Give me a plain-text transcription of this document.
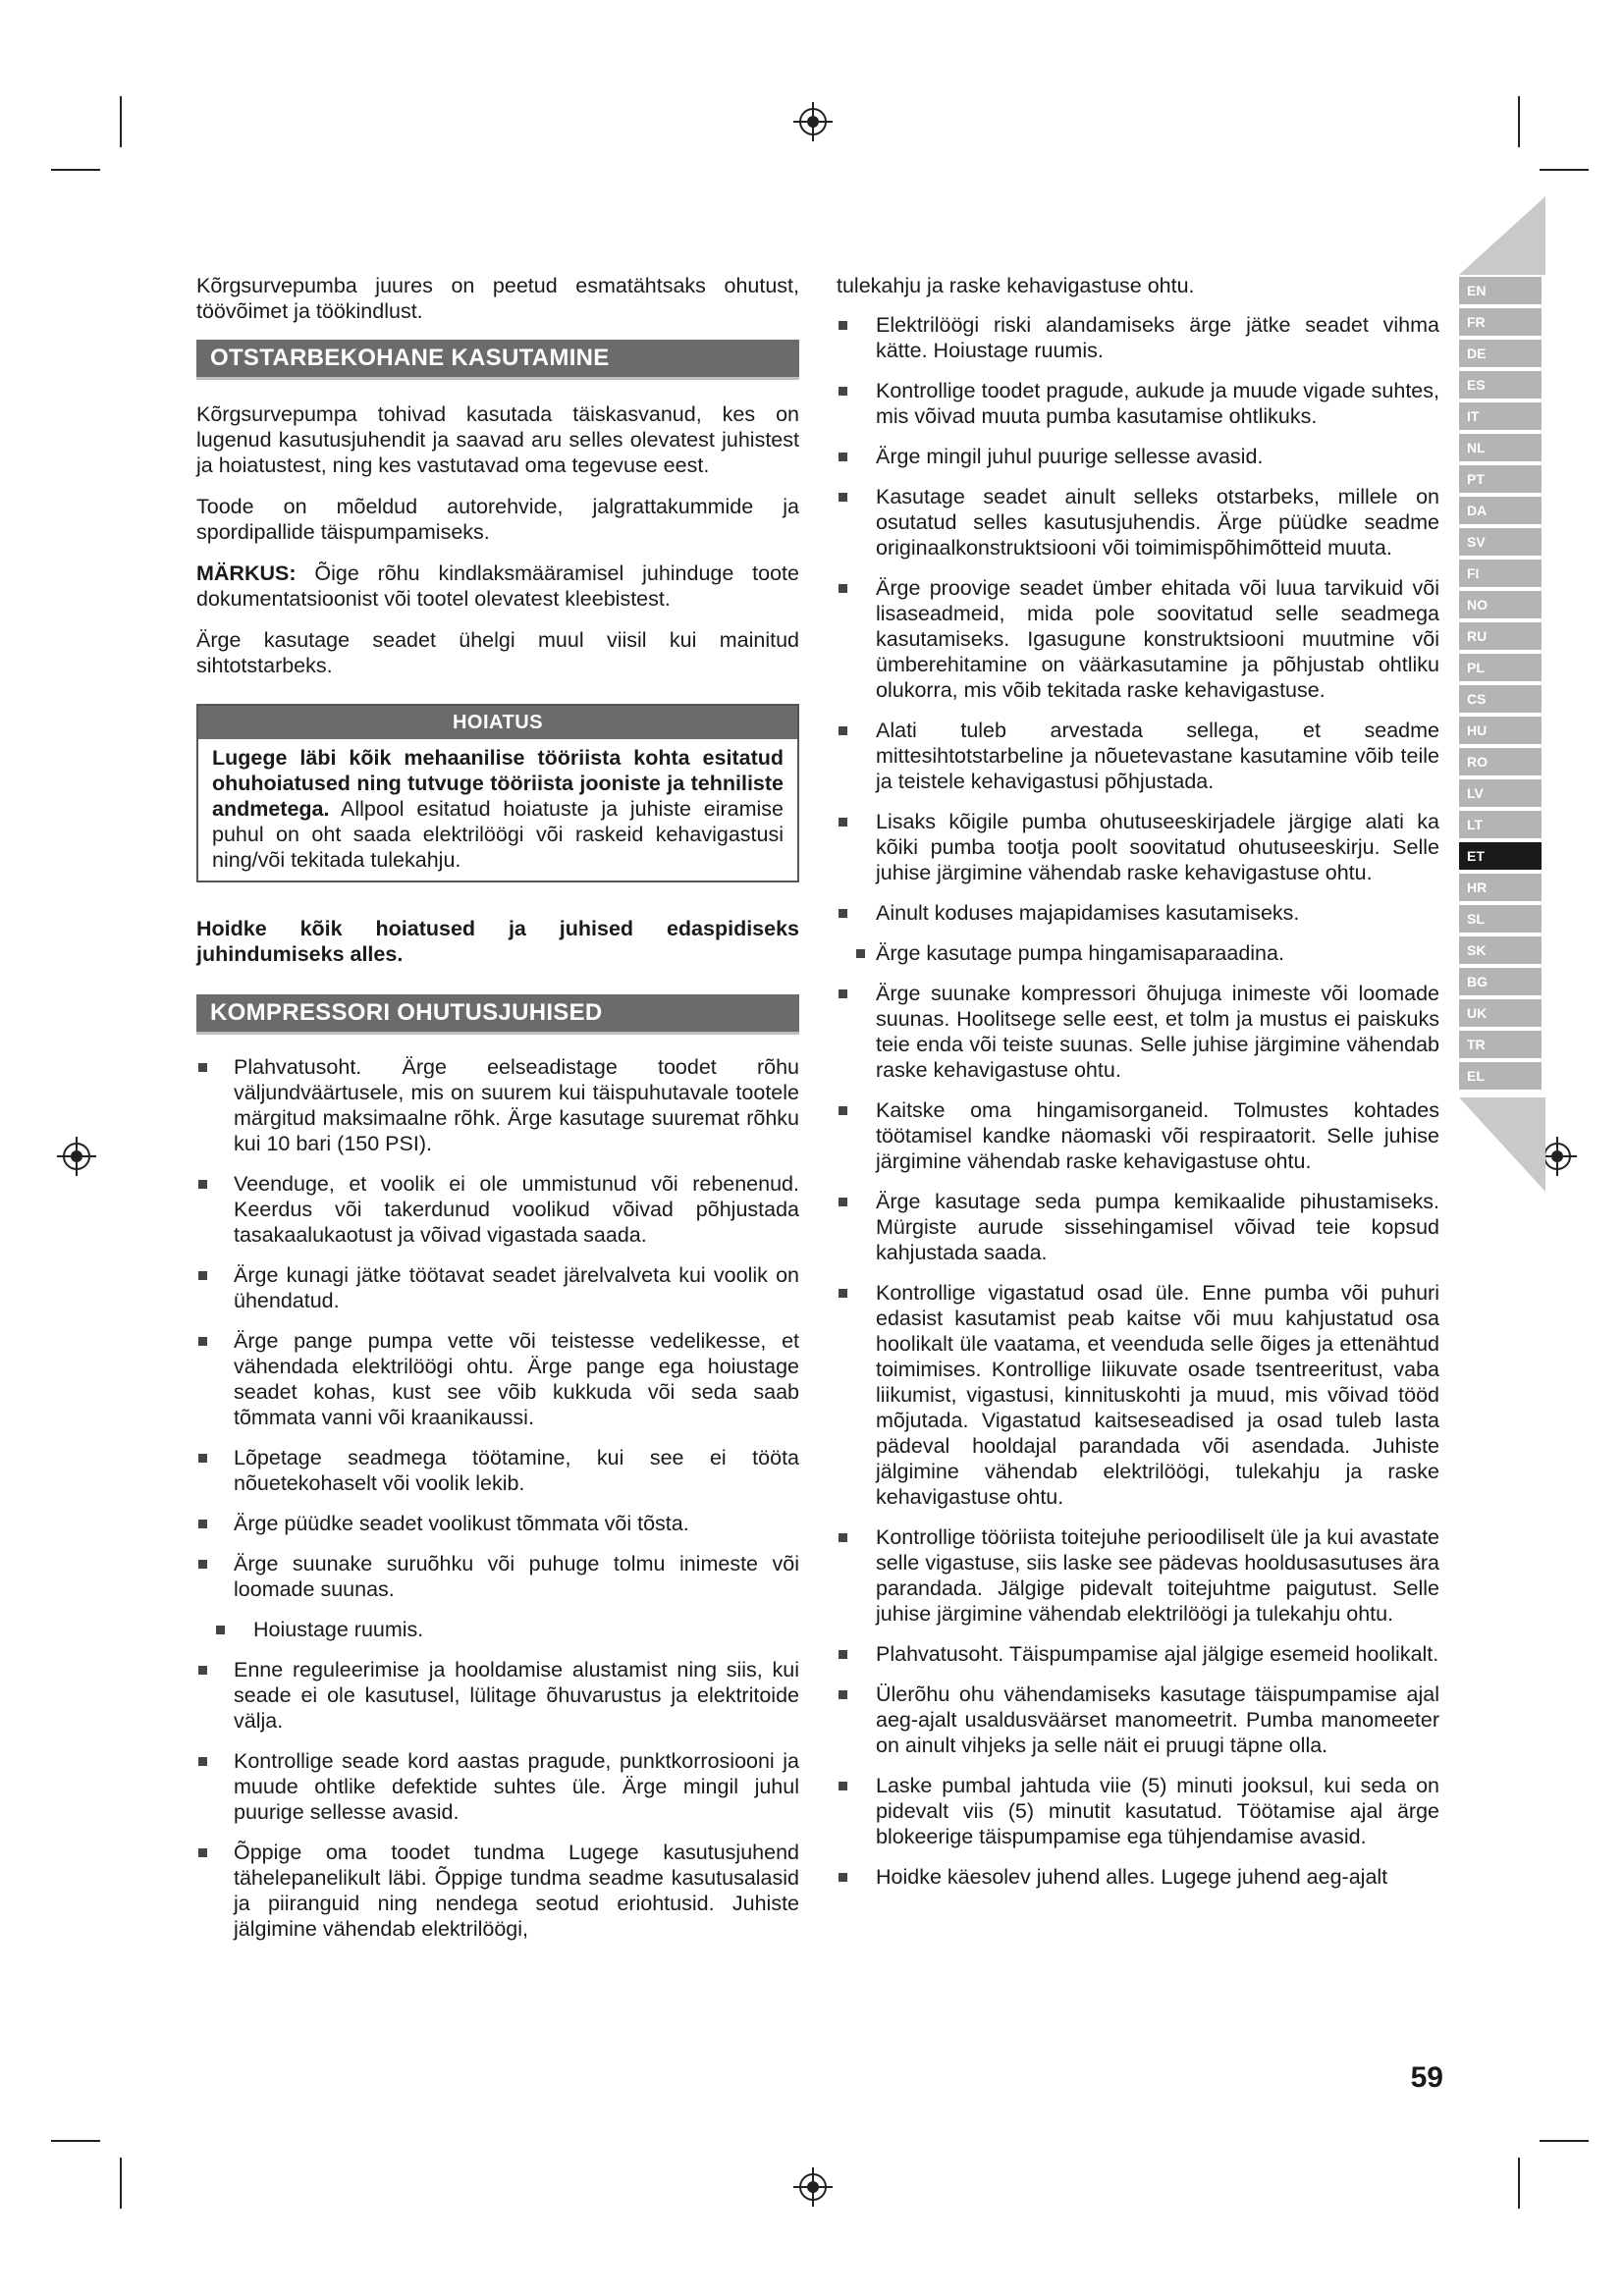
Kõrgsurvepumba juures on peetud esmatähtsaks ohutust, töövõimet ja töökindlust.

OTSTARBEKOHANE KASUTAMINE

Kõrgsurvepumpa tohivad kasutada täiskasvanud, kes on lugenud kasutusjuhendit ja saavad aru selles olevatest juhistest ja hoiatustest, ning kes vastutavad oma tegevuse eest.

Toode on mõeldud autorehvide, jalgrattakummide ja spordipallide täispumpamiseks.

MÄRKUS: Õige rõhu kindlaksmääramisel juhinduge toote dokumentatsioonist või tootel olevatest kleebistest.

Ärge kasutage seadet ühelgi muul viisil kui mainitud sihtotstarbeks.

HOIATUS
Lugege läbi kõik mehaanilise tööriista kohta esitatud ohuhoiatused ning tutvuge tööriista jooniste ja tehniliste andmetega. Allpool esitatud hoiatuste ja juhiste eiramise puhul on oht saada elektrilöögi või raskeid kehavigastusi ning/või tekitada tulekahju.

Hoidke kõik hoiatused ja juhised edaspidiseks juhindumiseks alles.

KOMPRESSORI OHUTUSJUHISED
Plahvatusoht. Ärge eelseadistage toodet rõhu väljundväärtusele, mis on suurem kui täispuhutavale tootele märgitud maksimaalne rõhk. Ärge kasutage suuremat rõhku kui 10 bari (150 PSI).
Veenduge, et voolik ei ole ummistunud või rebenenud. Keerdus või takerdunud voolikud võivad põhjustada tasakaalukaotust ja võivad vigastada saada.
Ärge kunagi jätke töötavat seadet järelvalveta kui voolik on ühendatud.
Ärge pange pumpa vette või teistesse vedelikesse, et vähendada elektrilöögi ohtu. Ärge pange ega hoiustage seadet kohas, kust see võib kukkuda või seda saab tõmmata vanni või kraanikaussi.
Lõpetage seadmega töötamine, kui see ei tööta nõuetekohaselt või voolik lekib.
Ärge püüdke seadet voolikust tõmmata või tõsta.
Ärge suunake suruõhku või puhuge tolmu inimeste või loomade suunas.
Hoiustage ruumis.
Enne reguleerimise ja hooldamise alustamist ning siis, kui seade ei ole kasutusel, lülitage õhuvarustus ja elektritoide välja.
Kontrollige seade kord aastas pragude, punktkorrosiooni ja muude ohtlike defektide suhtes üle. Ärge mingil juhul puurige sellesse avasid.
Õppige oma toodet tundma Lugege kasutusjuhend tähelepanelikult läbi. Õppige tundma seadme kasutusalasid ja piiranguid ning nendega seotud eriohtusid. Juhiste jälgimine vähendab elektrilöögi,

tulekahju ja raske kehavigastuse ohtu.

Elektrilöögi riski alandamiseks ärge jätke seadet vihma kätte. Hoiustage ruumis.
Kontrollige toodet pragude, aukude ja muude vigade suhtes, mis võivad muuta pumba kasutamise ohtlikuks.
Ärge mingil juhul puurige sellesse avasid.
Kasutage seadet ainult selleks otstarbeks, millele on osutatud selles kasutusjuhendis. Ärge püüdke seadme originaalkonstruktsiooni või toimimispõhimõtteid muuta.
Ärge proovige seadet ümber ehitada või luua tarvikuid või lisaseadmeid, mida pole soovitatud selle seadmega kasutamiseks. Igasugune konstruktsiooni muutmine või ümberehitamine on väärkasutamine ja põhjustab ohtliku olukorra, mis võib tekitada raske kehavigastuse.
Alati tuleb arvestada sellega, et seadme mittesihtotstarbeline ja nõuetevastane kasutamine võib teile ja teistele kehavigastusi põhjustada.
Lisaks kõigile pumba ohutuseeskirjadele järgige alati ka kõiki pumba tootja poolt soovitatud ohutuseeskirju. Selle juhise järgimine vähendab raske kehavigastuse ohtu.
Ainult koduses majapidamises kasutamiseks.
Ärge kasutage pumpa hingamisaparaadina.
Ärge suunake kompressori õhujuga inimeste või loomade suunas. Hoolitsege selle eest, et tolm ja mustus ei paiskuks teie enda või teiste suunas. Selle juhise järgimine vähendab raske kehavigastuse ohtu.
Kaitske oma hingamisorganeid. Tolmustes kohtades töötamisel kandke näomaski või respiraatorit. Selle juhise järgimine vähendab raske kehavigastuse ohtu.
Ärge kasutage seda pumpa kemikaalide pihustamiseks. Mürgiste aurude sissehingamisel võivad teie kopsud kahjustada saada.
Kontrollige vigastatud osad üle. Enne pumba või puhuri edasist kasutamist peab kaitse või muu kahjustatud osa hoolikalt üle vaatama, et veenduda selle õiges ja ettenähtud toimimises. Kontrollige liikuvate osade tsentreeritust, vaba liikumist, vigastusi, kinnituskohti ja muud, mis võivad tööd mõjutada. Vigastatud kaitseseadised ja osad tuleb lasta pädeval hooldajal parandada või asendada. Juhiste jälgimine vähendab elektrilöögi, tulekahju ja raske kehavigastuse ohtu.
Kontrollige tööriista toitejuhe perioodiliselt üle ja kui avastate selle vigastuse, siis laske see pädevas hooldusasutuses ära parandada. Jälgige pidevalt toitejuhtme paigutust. Selle juhise järgimine vähendab elektrilöögi ja tulekahju ohtu.
Plahvatusoht. Täispumpamise ajal jälgige esemeid hoolikalt.
Ülerõhu ohu vähendamiseks kasutage täispumpamise ajal aeg-ajalt usaldusväärset manomeetrit. Pumba manomeeter on ainult vihjeks ja selle näit ei pruugi täpne olla.
Laske pumbal jahtuda viie (5) minuti jooksul, kui seda on pidevalt viis (5) minutit kasutatud. Töötamise ajal ärge blokeerige täispumpamise ega tühjendamise avasid.
Hoidke käesolev juhend alles. Lugege juhend aeg-ajalt
EN
FR
DE
ES
IT
NL
PT
DA
SV
FI
NO
RU
PL
CS
HU
RO
LV
LT
ET
HR
SL
SK
BG
UK
TR
EL
59
